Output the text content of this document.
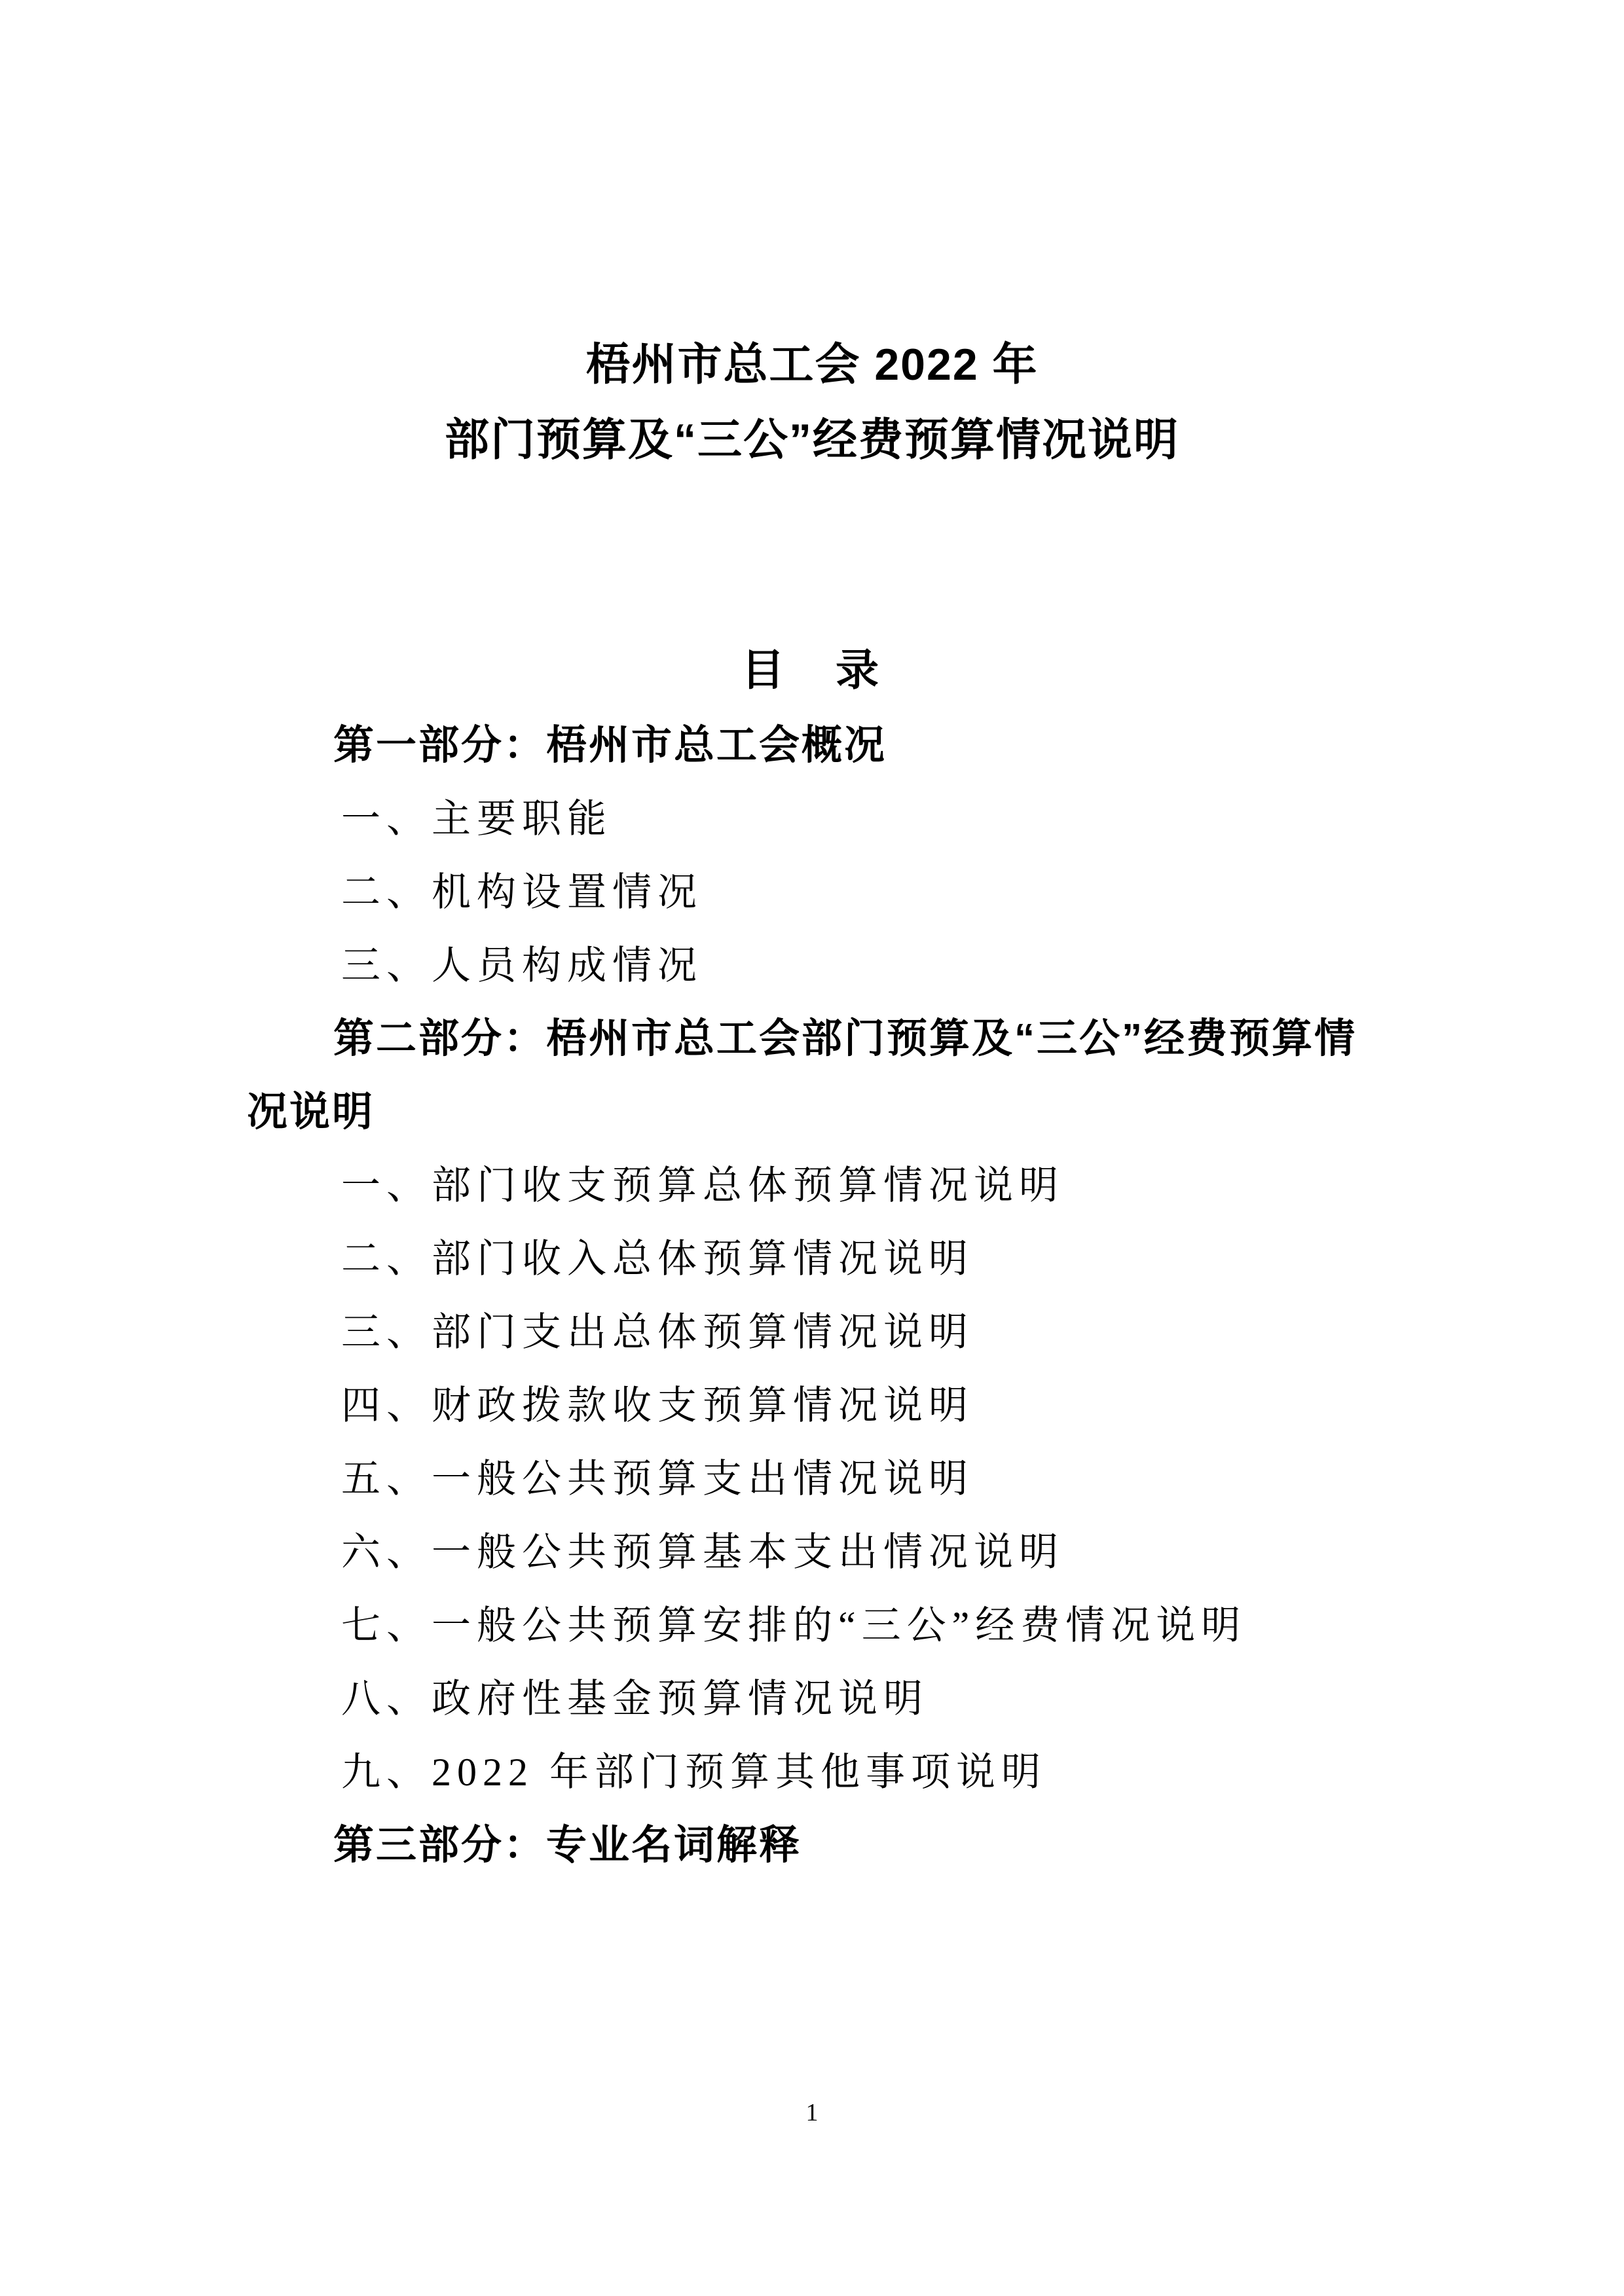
梧州市总工会 2022 年
部门预算及“三公”经费预算情况说明
目　录
第一部分：梧州市总工会概况
一、主要职能
二、机构设置情况
三、人员构成情况
第二部分：梧州市总工会部门预算及“三公”经费预算情
况说明
一、部门收支预算总体预算情况说明
二、部门收入总体预算情况说明
三、部门支出总体预算情况说明
四、财政拨款收支预算情况说明
五、一般公共预算支出情况说明
六、一般公共预算基本支出情况说明
七、一般公共预算安排的“三公”经费情况说明
八、政府性基金预算情况说明
九、2022 年部门预算其他事项说明
第三部分：专业名词解释
1
